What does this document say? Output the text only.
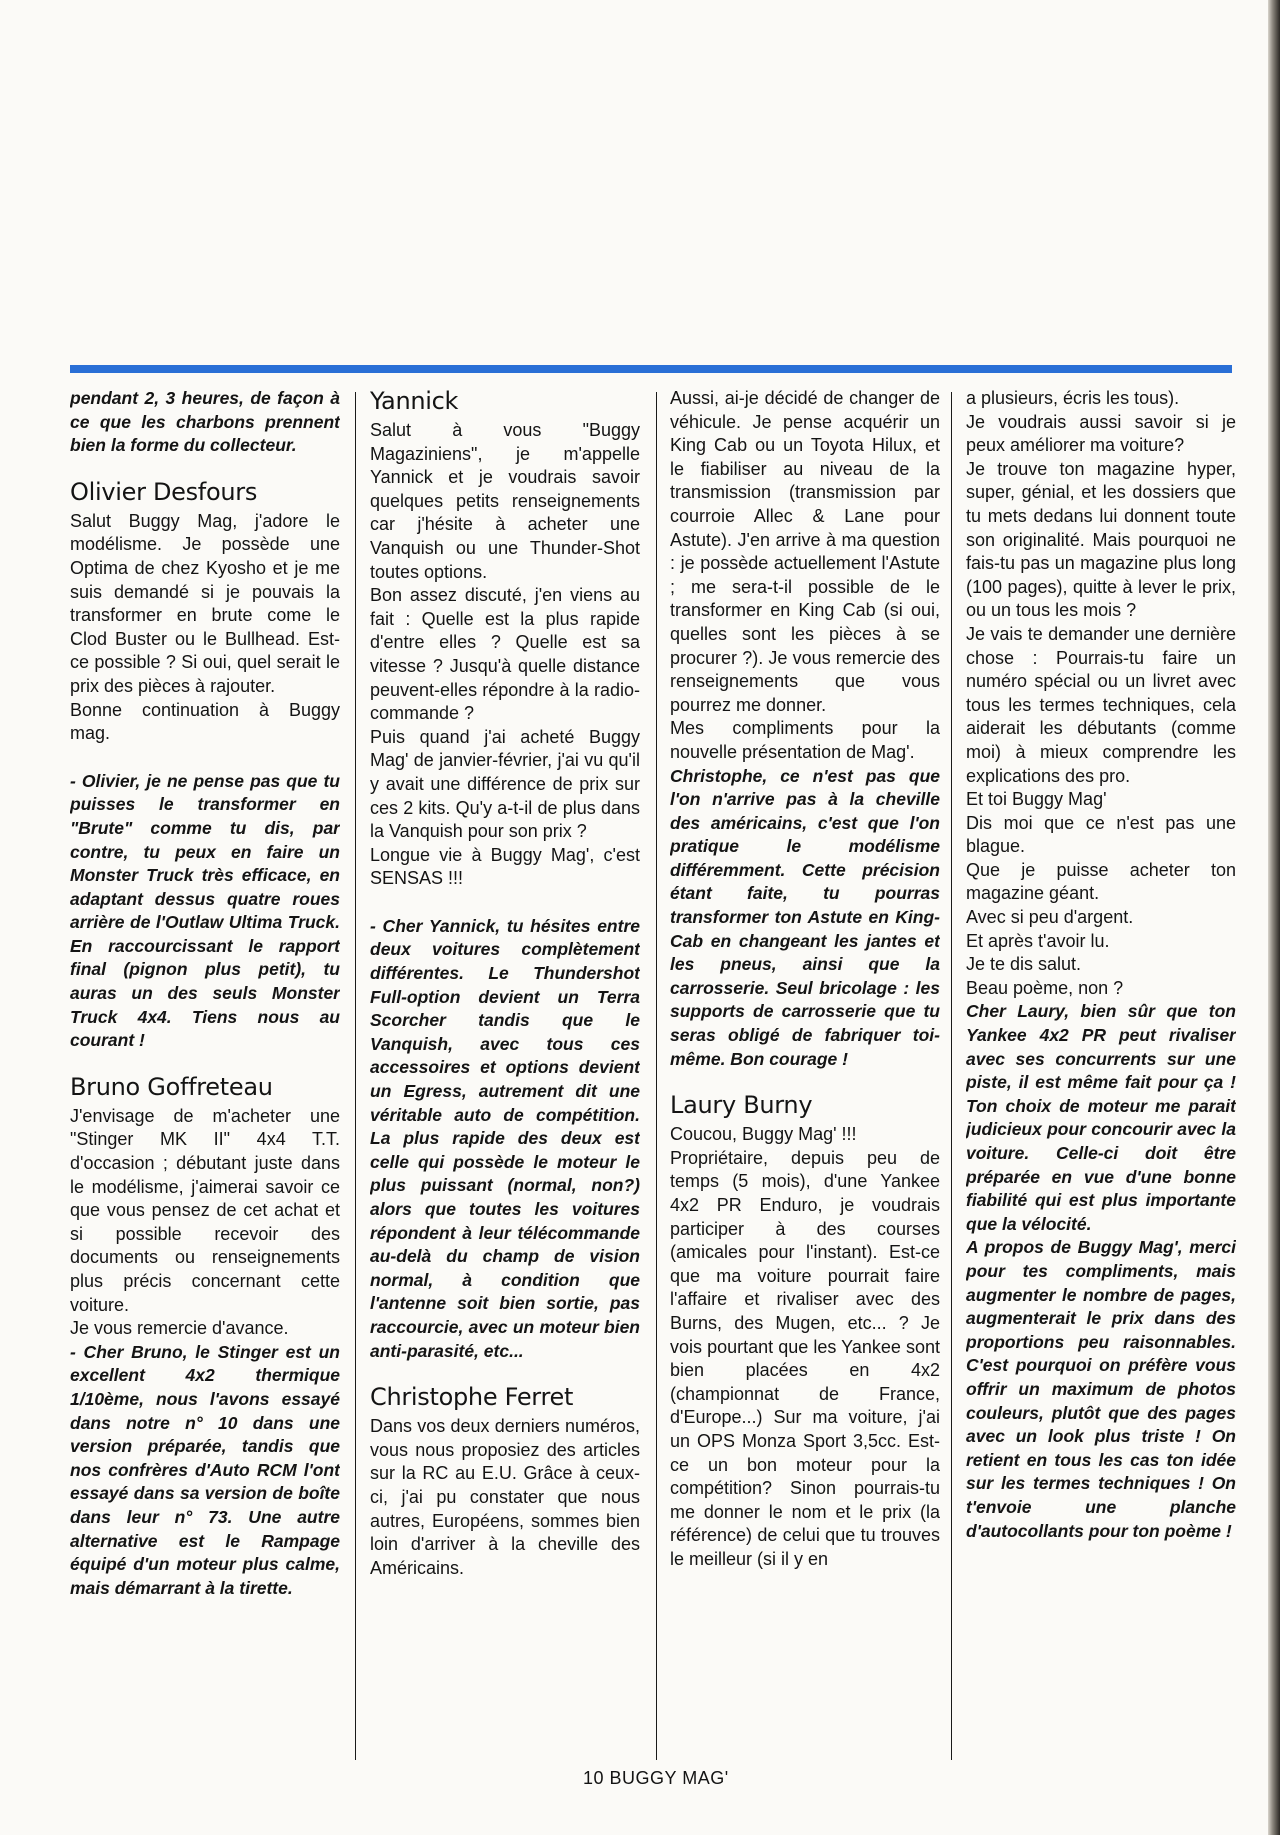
pendant 2, 3 heures, de façon à ce que les charbons prennent bien la forme du collecteur.

Olivier Desfours

Salut Buggy Mag, j'adore le modélisme. Je possède une Optima de chez Kyosho et je me suis demandé si je pouvais la transformer en brute come le Clod Buster ou le Bullhead. Est-ce possible ? Si oui, quel serait le prix des pièces à rajouter.

Bonne continuation à Buggy mag.

- Olivier, je ne pense pas que tu puisses le transformer en "Brute" comme tu dis, par contre, tu peux en faire un Monster Truck très efficace, en adaptant dessus quatre roues arrière de l'Outlaw Ultima Truck. En raccourcissant le rapport final (pignon plus petit), tu auras un des seuls Monster Truck 4x4. Tiens nous au courant !

Bruno Goffreteau

J'envisage de m'acheter une "Stinger MK II" 4x4 T.T. d'occasion ; débutant juste dans le modélisme, j'aimerai savoir ce que vous pensez de cet achat et si possible recevoir des documents ou renseignements plus précis concernant cette voiture.

Je vous remercie d'avance.

- Cher Bruno, le Stinger est un excellent 4x2 thermique 1/10ème, nous l'avons essayé dans notre n° 10 dans une version préparée, tandis que nos confrères d'Auto RCM l'ont essayé dans sa version de boîte dans leur n° 73. Une autre alternative est le Rampage équipé d'un moteur plus calme, mais démarrant à la tirette.

Yannick

Salut à vous "Buggy Magaziniens", je m'appelle Yannick et je voudrais savoir quelques petits renseignements car j'hésite à acheter une Vanquish ou une Thunder-Shot toutes options.

Bon assez discuté, j'en viens au fait : Quelle est la plus rapide d'entre elles ? Quelle est sa vitesse ? Jusqu'à quelle distance peuvent-elles répondre à la radio- commande ?

Puis quand j'ai acheté Buggy Mag' de janvier-février, j'ai vu qu'il y avait une différence de prix sur ces 2 kits. Qu'y a-t-il de plus dans la Vanquish pour son prix ?

Longue vie à Buggy Mag', c'est SENSAS !!!

- Cher Yannick, tu hésites entre deux voitures complètement différentes. Le Thundershot Full-option devient un Terra Scorcher tandis que le Vanquish, avec tous ces accessoires et options devient un Egress, autrement dit une véritable auto de compétition. La plus rapide des deux est celle qui possède le moteur le plus puissant (normal, non?) alors que toutes les voitures répondent à leur télécommande au-delà du champ de vision normal, à condition que l'antenne soit bien sortie, pas raccourcie, avec un moteur bien anti-parasité, etc...

Christophe Ferret

Dans vos deux derniers numéros, vous nous proposiez des articles sur la RC au E.U. Grâce à ceux-ci, j'ai pu constater que nous autres, Européens, sommes bien loin d'arriver à la cheville des Américains.

Aussi, ai-je décidé de changer de véhicule. Je pense acquérir un King Cab ou un Toyota Hilux, et le fiabiliser au niveau de la transmission (transmission par courroie Allec & Lane pour Astute). J'en arrive à ma question : je possède actuellement l'Astute ; me sera-t-il possible de le transformer en King Cab (si oui, quelles sont les pièces à se procurer ?). Je vous remercie des renseignements que vous pourrez me donner.

Mes compliments pour la nouvelle présentation de Mag'.

Christophe, ce n'est pas que l'on n'arrive pas à la cheville des américains, c'est que l'on pratique le modélisme différemment. Cette précision étant faite, tu pourras transformer ton Astute en King-Cab en changeant les jantes et les pneus, ainsi que la carrosserie. Seul bricolage : les supports de carrosserie que tu seras obligé de fabriquer toi-même. Bon courage !

Laury Burny

Coucou, Buggy Mag' !!!

Propriétaire, depuis peu de temps (5 mois), d'une Yankee 4x2 PR Enduro, je voudrais participer à des courses (amicales pour l'instant). Est-ce que ma voiture pourrait faire l'affaire et rivaliser avec des Burns, des Mugen, etc... ? Je vois pourtant que les Yankee sont bien placées en 4x2 (championnat de France, d'Europe...) Sur ma voiture, j'ai un OPS Monza Sport 3,5cc. Est-ce un bon moteur pour la compétition? Sinon pourrais-tu me donner le nom et le prix (la référence) de celui que tu trouves le meilleur (si il y en

a plusieurs, écris les tous).

Je voudrais aussi savoir si je peux améliorer ma voiture?

Je trouve ton magazine hyper, super, génial, et les dossiers que tu mets dedans lui donnent toute son originalité. Mais pourquoi ne fais-tu pas un magazine plus long (100 pages), quitte à lever le prix, ou un tous les mois ?

Je vais te demander une dernière chose : Pourrais-tu faire un numéro spécial ou un livret avec tous les termes techniques, cela aiderait les débutants (comme moi) à mieux comprendre les explications des pro.

Et toi Buggy Mag'

Dis moi que ce n'est pas une blague.

Que je puisse acheter ton magazine géant.

Avec si peu d'argent.

Et après t'avoir lu.

Je te dis salut.

Beau poème, non ?

Cher Laury, bien sûr que ton Yankee 4x2 PR peut rivaliser avec ses concurrents sur une piste, il est même fait pour ça ! Ton choix de moteur me parait judicieux pour concourir avec la voiture. Celle-ci doit être préparée en vue d'une bonne fiabilité qui est plus importante que la vélocité.

A propos de Buggy Mag', merci pour tes compliments, mais augmenter le nombre de pages, augmenterait le prix dans des proportions peu raisonnables. C'est pourquoi on préfère vous offrir un maximum de photos couleurs, plutôt que des pages avec un look plus triste ! On retient en tous les cas ton idée sur les termes techniques ! On t'envoie une planche d'autocollants pour ton poème !

10 BUGGY MAG'
